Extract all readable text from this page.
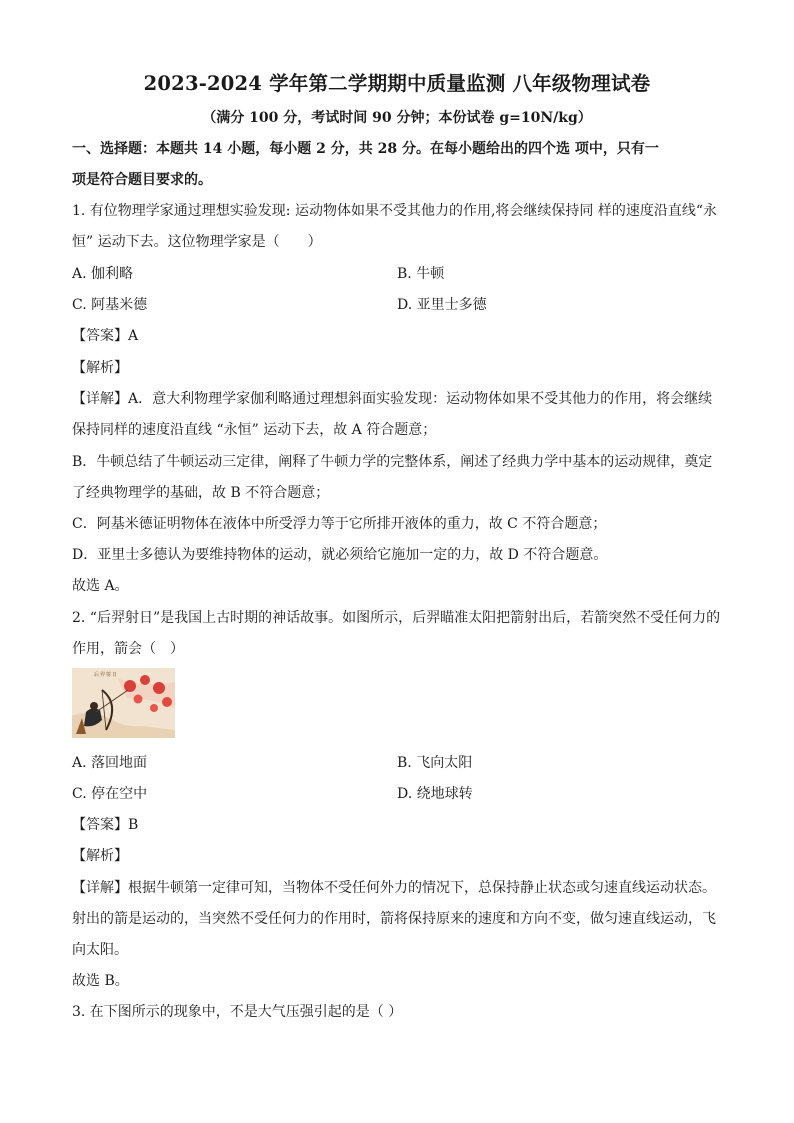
2023-2024 学年第二学期期中质量监测 八年级物理试卷
（满分 100 分，考试时间 90 分钟；本份试卷 g=10N/kg）
一、选择题：本题共 14 小题，每小题 2 分，共 28 分。在每小题给出的四个选 项中，只有一
项是符合题目要求的。
1. 有位物理学家通过理想实验发现: 运动物体如果不受其他力的作用,将会继续保持同 样的速度沿直线“永
恒” 运动下去。这位物理学家是（　　）
A. 伽利略	B. 牛顿
C. 阿基米德	D. 亚里士多德
【答案】A
【解析】
【详解】A．意大利物理学家伽利略通过理想斜面实验发现：运动物体如果不受其他力的作用，将会继续
保持同样的速度沿直线 “永恒” 运动下去，故 A 符合题意；
B．牛顿总结了牛顿运动三定律，阐释了牛顿力学的完整体系，阐述了经典力学中基本的运动规律，奠定
了经典物理学的基础，故 B 不符合题意；
C．阿基米德证明物体在液体中所受浮力等于它所排开液体的重力，故 C 不符合题意；
D．亚里士多德认为要维持物体的运动，就必须给它施加一定的力，故 D 不符合题意。
故选 A。
2. “后羿射日”是我国上古时期的神话故事。如图所示，后羿瞄准太阳把箭射出后，若箭突然不受任何力的
作用，箭会（　）
后羿射日
A. 落回地面	B. 飞向太阳
C. 停在空中	D. 绕地球转
【答案】B
【解析】
【详解】根据牛顿第一定律可知，当物体不受任何外力的情况下，总保持静止状态或匀速直线运动状态。
射出的箭是运动的，当突然不受任何力的作用时，箭将保持原来的速度和方向不变，做匀速直线运动，飞
向太阳。
故选 B。
3. 在下图所示的现象中，不是大气压强引起的是（ ）
